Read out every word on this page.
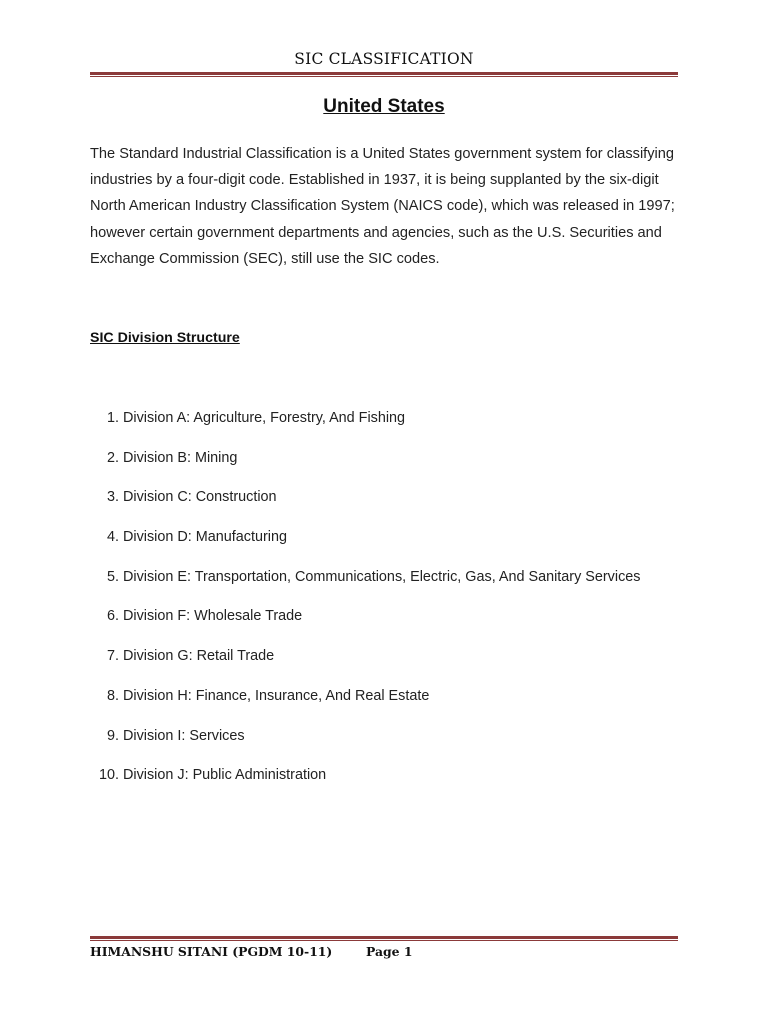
SIC CLASSIFICATION
United States

The Standard Industrial Classification is a United States government system for classifying industries by a four-digit code. Established in 1937, it is being supplanted by the six-digit North American Industry Classification System (NAICS code), which was released in 1997; however certain government departments and agencies, such as the U.S. Securities and Exchange Commission (SEC), still use the SIC codes.

SIC Division Structure
1. Division A: Agriculture, Forestry, And Fishing
2. Division B: Mining
3. Division C: Construction
4. Division D: Manufacturing
5. Division E: Transportation, Communications, Electric, Gas, And Sanitary Services
6. Division F: Wholesale Trade
7. Division G: Retail Trade
8. Division H: Finance, Insurance, And Real Estate
9. Division I: Services
10. Division J: Public Administration
HIMANSHU SITANI (PGDM 10-11)	Page 1
